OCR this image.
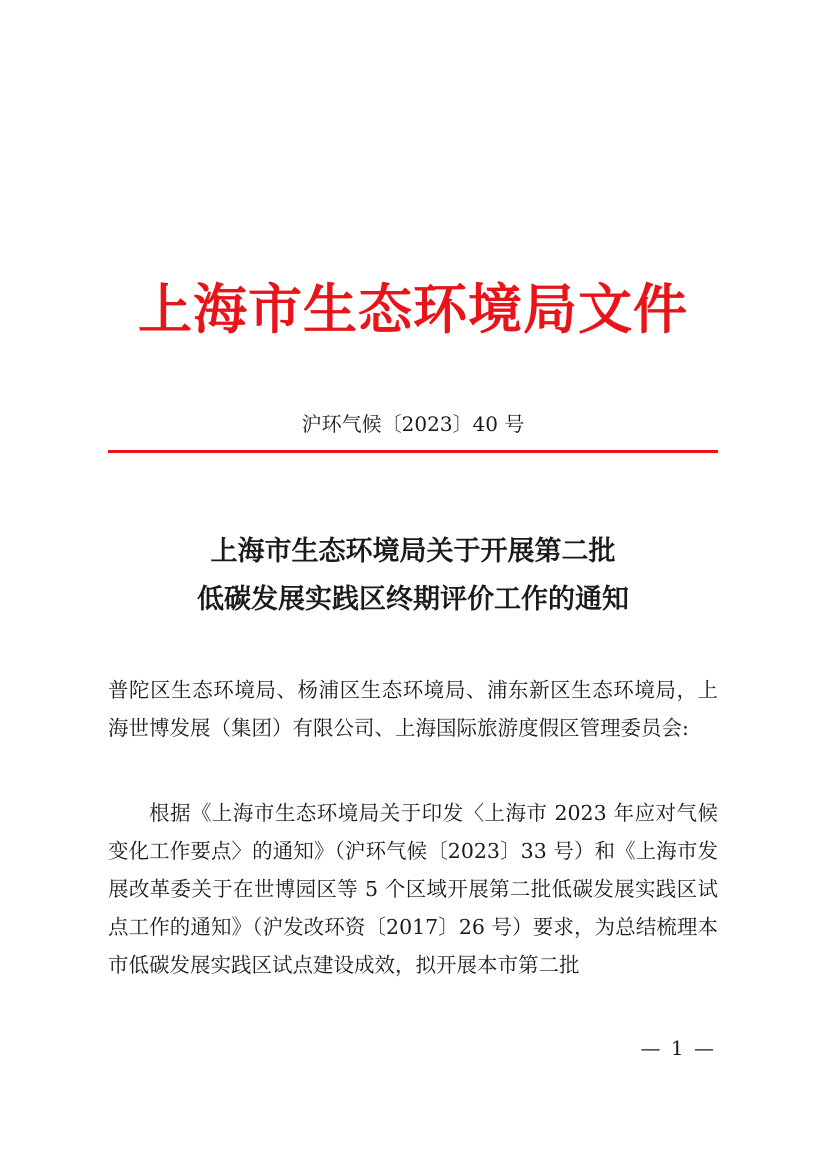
上海市生态环境局文件
沪环气候〔2023〕40 号
上海市生态环境局关于开展第二批
低碳发展实践区终期评价工作的通知
普陀区生态环境局、杨浦区生态环境局、浦东新区生态环境局，上海世博发展（集团）有限公司、上海国际旅游度假区管理委员会:
根据《上海市生态环境局关于印发〈上海市 2023 年应对气候变化工作要点〉的通知》（沪环气候〔2023〕33 号）和《上海市发展改革委关于在世博园区等 5 个区域开展第二批低碳发展实践区试点工作的通知》（沪发改环资〔2017〕26 号）要求，为总结梳理本市低碳发展实践区试点建设成效，拟开展本市第二批
— 1 —
